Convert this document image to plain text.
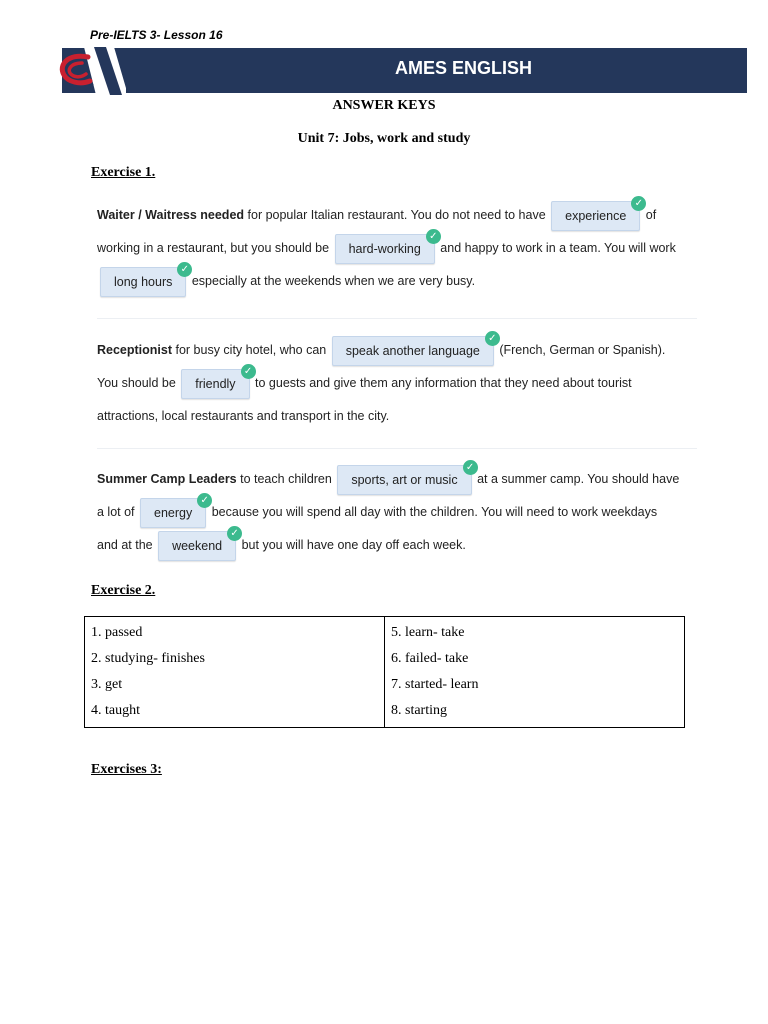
Pre-IELTS 3- Lesson 16
AMES ENGLISH
ANSWER KEYS
Unit 7: Jobs, work and study
Exercise 1.
Waiter / Waitress needed for popular Italian restaurant. You do not need to have experience
✓
of
working in a restaurant, but you should be hard-working
✓
and happy to work in a team. You will work
long hours
✓
especially at the weekends when we are very busy.
Receptionist for busy city hotel, who can speak another language
✓
(French, German or Spanish).
You should be friendly
✓
to guests and give them any information that they need about tourist
attractions, local restaurants and transport in the city.
Summer Camp Leaders to teach children sports, art or music
✓
at a summer camp. You should have
a lot of energy
✓
because you will spend all day with the children. You will need to work weekdays
and at the weekend
✓
but you will have one day off each week.
Exercise 2.
1. passed	5. learn- take
2. studying- finishes	6. failed- take
3. get	7. started- learn
4. taught	8. starting
Exercises 3:
